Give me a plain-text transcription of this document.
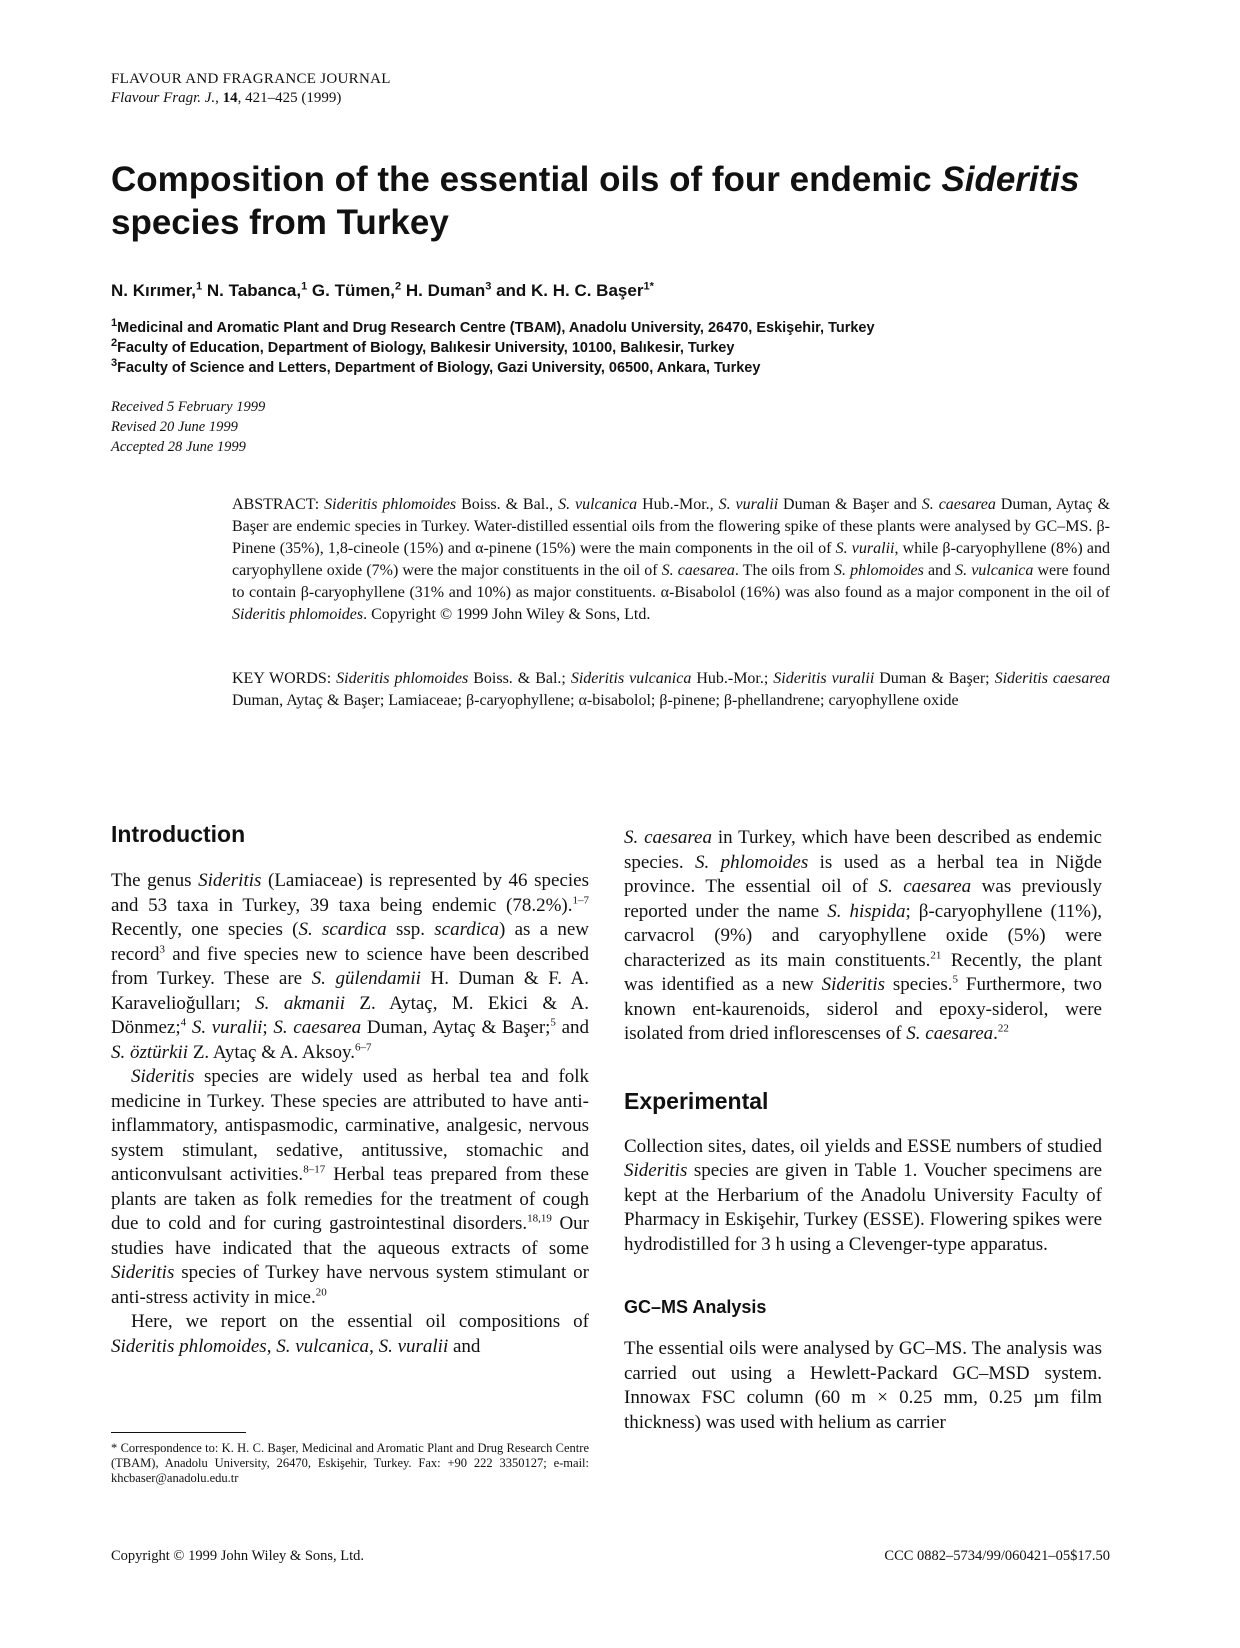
FLAVOUR AND FRAGRANCE JOURNAL
Flavour Fragr. J., 14, 421–425 (1999)
Composition of the essential oils of four endemic Sideritis
species from Turkey
N. Kırımer,$^1$ N. Tabanca,$^1$ G. Tümen,$^2$ H. Duman$^3$ and K. H. C. Başer$^{1*}$
$^1$Medicinal and Aromatic Plant and Drug Research Centre (TBAM), Anadolu University, 26470, Eskişehir, Turkey
$^2$Faculty of Education, Department of Biology, Balıkesir University, 10100, Balıkesir, Turkey
$^3$Faculty of Science and Letters, Department of Biology, Gazi University, 06500, Ankara, Turkey
Received 5 February 1999
Revised 20 June 1999
Accepted 28 June 1999
ABSTRACT: Sideritis phlomoides Boiss. & Bal., S. vulcanica Hub.-Mor., S. vuralii Duman & Başer and S. caesarea Duman, Aytaç & Başer are endemic species in Turkey. Water-distilled essential oils from the flowering spike of these plants were analysed by GC–MS. β-Pinene (35%), 1,8-cineole (15%) and α-pinene (15%) were the main components in the oil of S. vuralii, while β-caryophyllene (8%) and caryophyllene oxide (7%) were the major constituents in the oil of S. caesarea. The oils from S. phlomoides and S. vulcanica were found to contain β-caryophyllene (31% and 10%) as major constituents. α-Bisabolol (16%) was also found as a major component in the oil of Sideritis phlomoides. Copyright © 1999 John Wiley & Sons, Ltd.
KEY WORDS: Sideritis phlomoides Boiss. & Bal.; Sideritis vulcanica Hub.-Mor.; Sideritis vuralii Duman & Başer; Sideritis caesarea Duman, Aytaç & Başer; Lamiaceae; β-caryophyllene; α-bisabolol; β-pinene; β-phellandrene; caryophyllene oxide
Introduction

The genus Sideritis (Lamiaceae) is represented by 46 species and 53 taxa in Turkey, 39 taxa being endemic (78.2%).$^{1-7}$ Recently, one species (S. scardica ssp. scardica) as a new record$^3$ and five species new to science have been described from Turkey. These are S. gülendamii H. Duman & F. A. Karavelioğulları; S. akmanii Z. Aytaç, M. Ekici & A. Dönmez;$^4$ S. vuralii; S. caesarea Duman, Aytaç & Başer;$^5$ and S. öztürkii Z. Aytaç & A. Aksoy.$^{6-7}$

Sideritis species are widely used as herbal tea and folk medicine in Turkey. These species are attributed to have anti-inflammatory, antispasmodic, carminative, analgesic, nervous system stimulant, sedative, antitussive, stomachic and anticonvulsant activities.$^{8-17}$ Herbal teas prepared from these plants are taken as folk remedies for the treatment of cough due to cold and for curing gastrointestinal disorders.$^{18,19}$ Our studies have indicated that the aqueous extracts of some Sideritis species of Turkey have nervous system stimulant or anti-stress activity in mice.$^{20}$

Here, we report on the essential oil compositions of Sideritis phlomoides, S. vulcanica, S. vuralii and

S. caesarea in Turkey, which have been described as endemic species. S. phlomoides is used as a herbal tea in Niğde province. The essential oil of S. caesarea was previously reported under the name S. hispida; β-caryophyllene (11%), carvacrol (9%) and caryophyllene oxide (5%) were characterized as its main constituents.$^{21}$ Recently, the plant was identified as a new Sideritis species.$^5$ Furthermore, two known ent-kaurenoids, siderol and epoxy-siderol, were isolated from dried inflorescenses of S. caesarea.$^{22}$

Experimental

Collection sites, dates, oil yields and ESSE numbers of studied Sideritis species are given in Table 1. Voucher specimens are kept at the Herbarium of the Anadolu University Faculty of Pharmacy in Eskişehir, Turkey (ESSE). Flowering spikes were hydrodistilled for 3 h using a Clevenger-type apparatus.

GC–MS Analysis

The essential oils were analysed by GC–MS. The analysis was carried out using a Hewlett-Packard GC–MSD system. Innowax FSC column (60 m × 0.25 mm, 0.25 µm film thickness) was used with helium as carrier

* Correspondence to: K. H. C. Başer, Medicinal and Aromatic Plant and Drug Research Centre (TBAM), Anadolu University, 26470, Eskişehir, Turkey. Fax: +90 222 3350127; e-mail: khcbaser@anadolu.edu.tr
Copyright © 1999 John Wiley & Sons, Ltd.	CCC 0882–5734/99/060421–05$17.50
